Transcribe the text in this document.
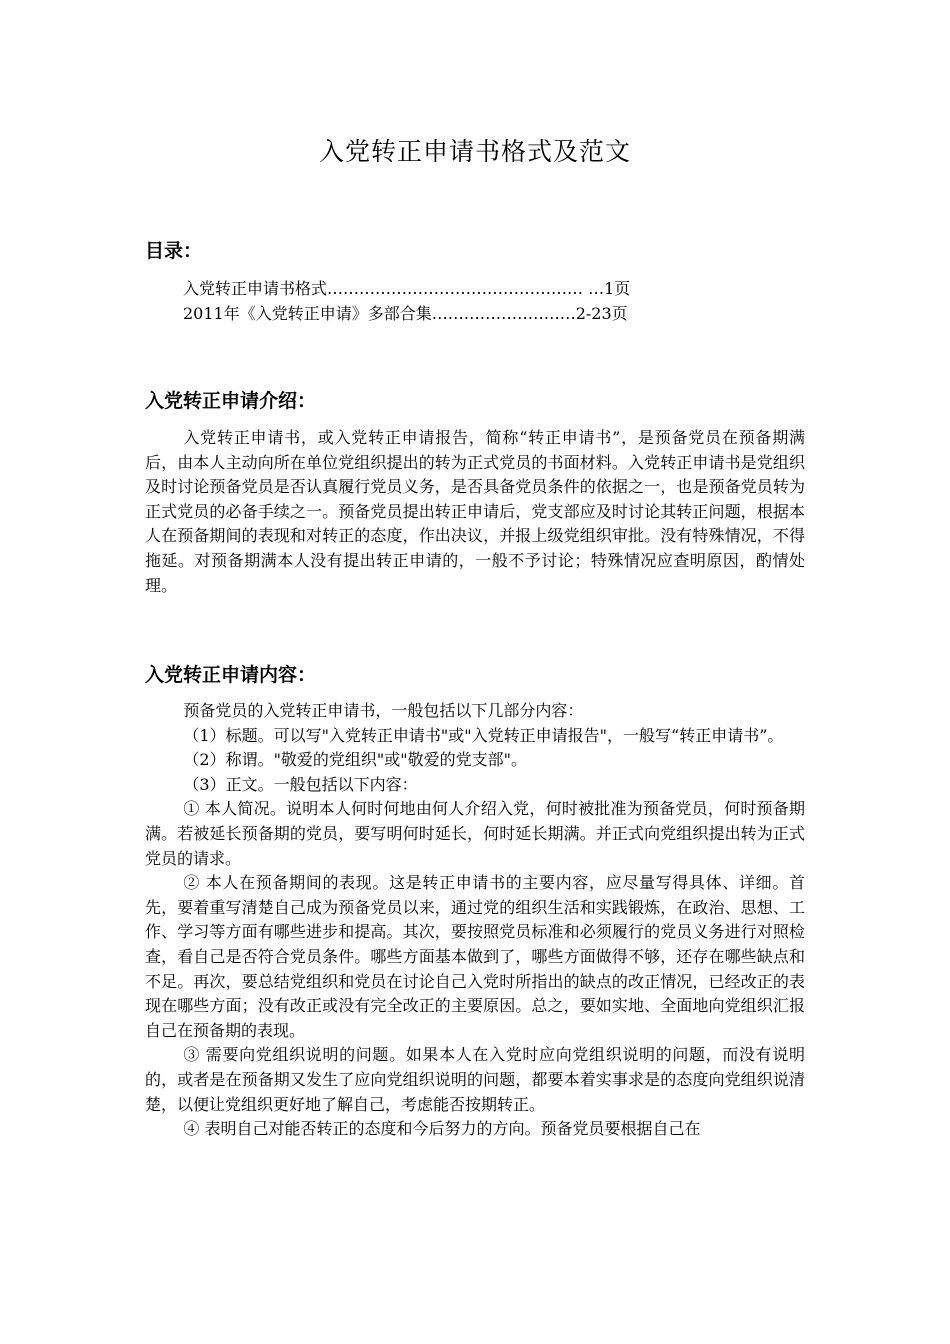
入党转正申请书格式及范文
目录：
入党转正申请书格式………………………………………… …1页
2011年《入党转正申请》多部合集………………………2-23页
入党转正申请介绍：

入党转正申请书，或入党转正申请报告，简称“转正申请书”，是预备党员在预备期满后，由本人主动向所在单位党组织提出的转为正式党员的书面材料。入党转正申请书是党组织及时讨论预备党员是否认真履行党员义务，是否具备党员条件的依据之一，也是预备党员转为正式党员的必备手续之一。预备党员提出转正申请后，党支部应及时讨论其转正问题，根据本人在预备期间的表现和对转正的态度，作出决议，并报上级党组织审批。没有特殊情况，不得拖延。对预备期满本人没有提出转正申请的，一般不予讨论；特殊情况应查明原因，酌情处理。

入党转正申请内容：

预备党员的入党转正申请书，一般包括以下几部分内容：

（1）标题。可以写"入党转正申请书"或"入党转正申请报告"，一般写“转正申请书”。

（2）称谓。"敬爱的党组织"或"敬爱的党支部"。

（3）正文。一般包括以下内容：

① 本人简况。说明本人何时何地由何人介绍入党，何时被批准为预备党员，何时预备期满。若被延长预备期的党员，要写明何时延长，何时延长期满。并正式向党组织提出转为正式党员的请求。

② 本人在预备期间的表现。这是转正申请书的主要内容，应尽量写得具体、详细。首先，要着重写清楚自己成为预备党员以来，通过党的组织生活和实践锻炼，在政治、思想、工作、学习等方面有哪些进步和提高。其次，要按照党员标准和必须履行的党员义务进行对照检查，看自己是否符合党员条件。哪些方面基本做到了，哪些方面做得不够，还存在哪些缺点和不足。再次，要总结党组织和党员在讨论自己入党时所指出的缺点的改正情况，已经改正的表现在哪些方面；没有改正或没有完全改正的主要原因。总之，要如实地、全面地向党组织汇报自己在预备期的表现。

③ 需要向党组织说明的问题。如果本人在入党时应向党组织说明的问题，而没有说明的，或者是在预备期又发生了应向党组织说明的问题，都要本着实事求是的态度向党组织说清楚，以便让党组织更好地了解自己，考虑能否按期转正。

④ 表明自己对能否转正的态度和今后努力的方向。预备党员要根据自己在
